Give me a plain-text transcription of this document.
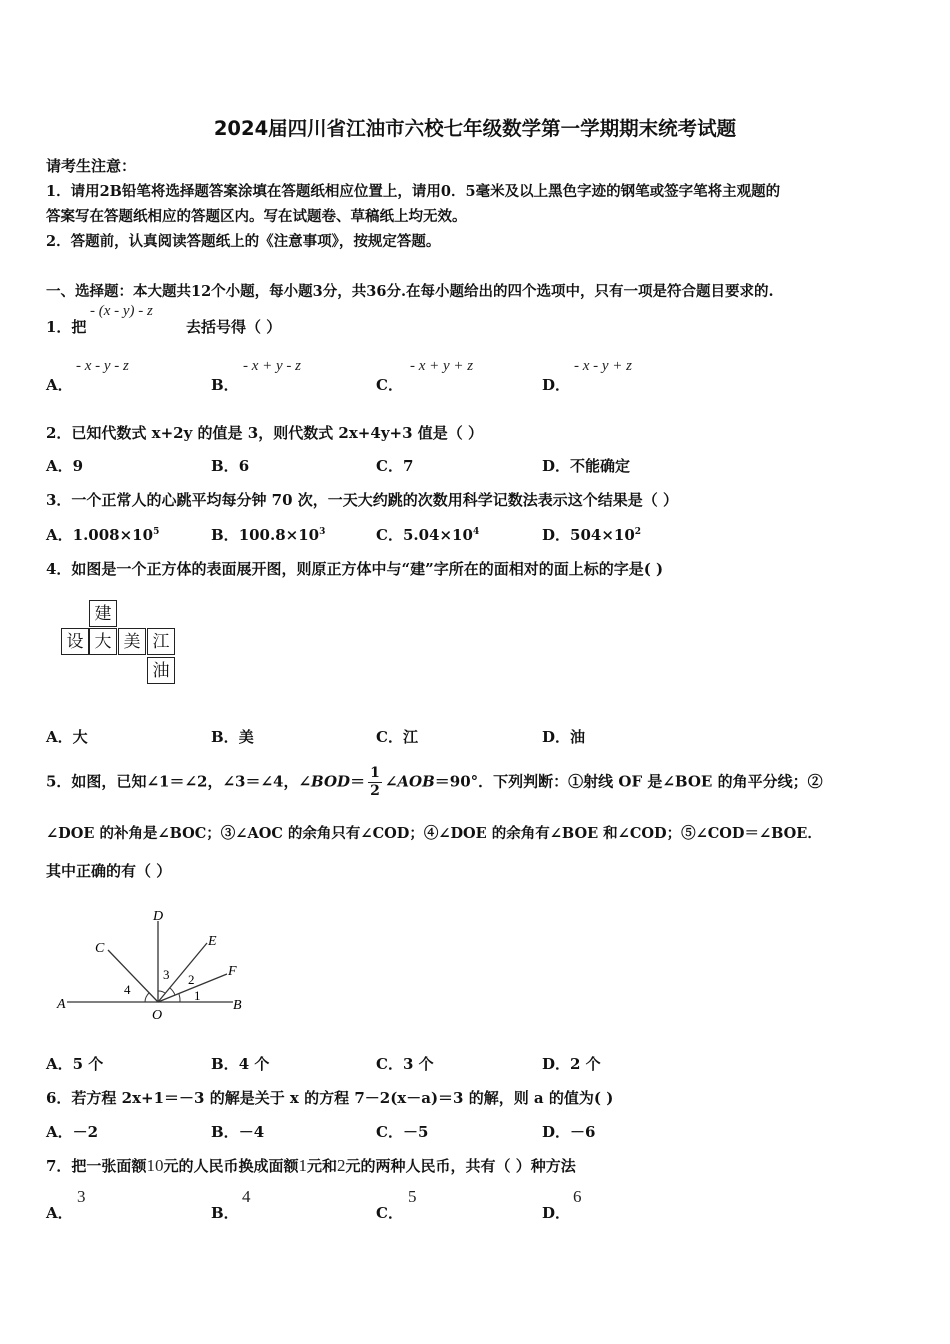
2024届四川省江油市六校七年级数学第一学期期末统考试题
请考生注意：
1．请用2B铅笔将选择题答案涂填在答题纸相应位置上，请用0．5毫米及以上黑色字迹的钢笔或签字笔将主观题的
答案写在答题纸相应的答题区内。写在试题卷、草稿纸上均无效。
2．答题前，认真阅读答题纸上的《注意事项》，按规定答题。
一、选择题：本大题共12个小题，每小题3分，共36分.在每小题给出的四个选项中，只有一项是符合题目要求的.
1．把
- (x - y) - z
去括号得（ ）
A．
- x - y - z
B．
- x + y - z
C．
- x + y + z
D．
- x - y + z
2．已知代数式 x+2y 的值是 3，则代数式 2x+4y+3 值是（ ）
A．9	B．6	C．7	D．不能确定
3．一个正常人的心跳平均每分钟 70 次，一天大约跳的次数用科学记数法表示这个结果是（ ）
A．$1.008\times 10^5$	B．$100.8\times 10^3$	C．$5.04\times 10^4$	D．$504\times 10^2$
4．如图是一个正方体的表面展开图，则原正方体中与“建”字所在的面相对的面上标的字是( )
建
设 大 美 江
油
A．大	B．美	C．江	D．油
5．如图，已知∠1＝∠2，∠3＝∠4，∠BOD＝ $\frac{1}{2}$ ∠AOB＝90°．下列判断：①射线 OF 是∠BOE 的角平分线；②
∠DOE 的补角是∠BOC；③∠AOC 的余角只有∠COD；④∠DOE 的余角有∠BOE 和∠COD；⑤∠COD＝∠BOE．
其中正确的有（ ）
A	B
C
D
E
F
O
1
2
3
4
A．5 个	B．4 个	C．3 个	D．2 个
6．若方程 2x+1＝－3 的解是关于 x 的方程 7－2(x－a)＝3 的解，则 a 的值为( )
A．－2	B．－4	C．－5	D．－6
7．把一张面额10元的人民币换成面额1元和2元的两种人民币，共有（ ）种方法
A．
3
B．
4
C．
5
D．
6
